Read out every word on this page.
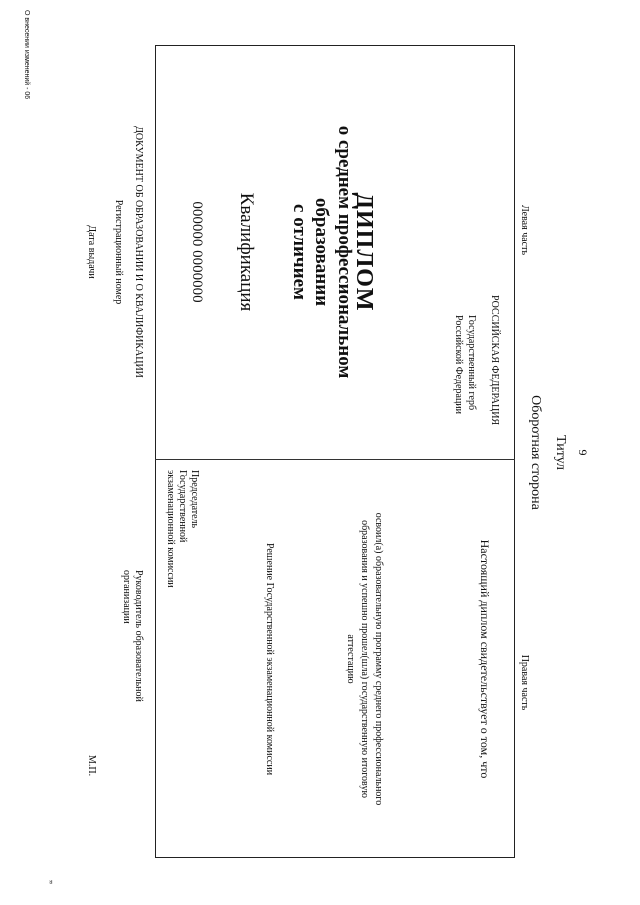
9
Титул
Оборотная сторона
Левая часть
Правая часть
РОССИЙСКАЯ ФЕДЕРАЦИЯ
Государственный герб
Российской Федерации
ДИПЛОМ
о среднем профессиональном
образовании
с отличием
Квалификация
000000 0000000
ДОКУМЕНТ ОБ ОБРАЗОВАНИИ И О КВАЛИФИКАЦИИ
Регистрационный номер
Дата выдачи
Настоящий диплом свидетельствует о том, что
освоил(а) образовательную программу среднего профессионального
образования и успешно прошел(шла) государственную итоговую
аттестацию
Решение Государственной экзаменационной комиссии
Председатель
Государственной
экзаменационной комиссии
Руководитель образовательной
организации
М.П.
О внесении изменений - 06
„
